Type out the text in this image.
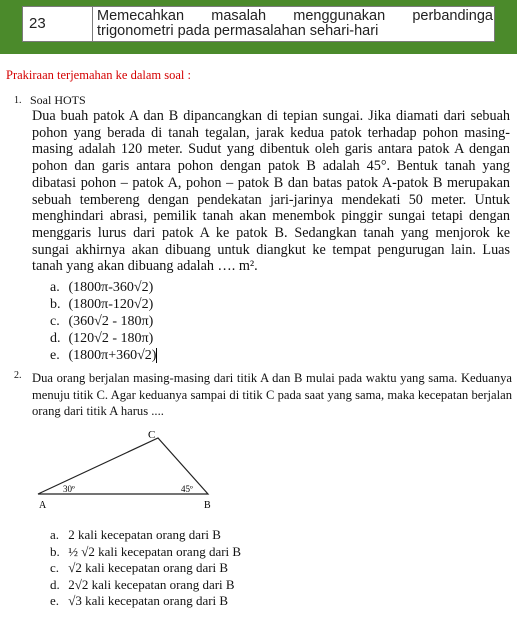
23	Memecahkan masalah menggunakan perbandinga
trigonometri pada permasalahan sehari-hari
Prakiraan terjemahan ke dalam soal :
1. Soal HOTS
Dua buah patok A dan B dipancangkan di tepian sungai. Jika diamati dari sebuah pohon yang berada di tanah tegalan, jarak kedua patok terhadap pohon masing-masing adalah 120 meter. Sudut yang dibentuk oleh garis antara patok A dengan pohon dan garis antara pohon dengan patok B adalah 45°. Bentuk tanah yang dibatasi pohon – patok A, pohon – patok B dan batas patok A-patok B merupakan sebuah tembereng dengan pendekatan jari-jarinya mendekati 50 meter. Untuk menghindari abrasi, pemilik tanah akan menembok pinggir sungai tetapi dengan menggaris lurus dari patok A ke patok B. Sedangkan tanah yang menjorok ke sungai akhirnya akan dibuang untuk diangkut ke tempat pengurugan lain. Luas tanah yang akan dibuang adalah …. m².
a. (1800π-360√2)
b. (1800π-120√2)
c. (360√2 - 180π)
d. (120√2 - 180π)
e. (1800π+360√2)
2. Dua orang berjalan masing-masing dari titik A dan B mulai pada waktu yang sama. Keduanya menuju titik C. Agar keduanya sampai di titik C pada saat yang sama, maka kecepatan berjalan orang dari titik A harus ....
C
30º	45º
A	B
a. 2 kali kecepatan orang dari B
b. ½ √2 kali kecepatan orang dari B
c. √2 kali kecepatan orang dari B
d. 2√2 kali kecepatan orang dari B
e. √3 kali kecepatan orang dari B
